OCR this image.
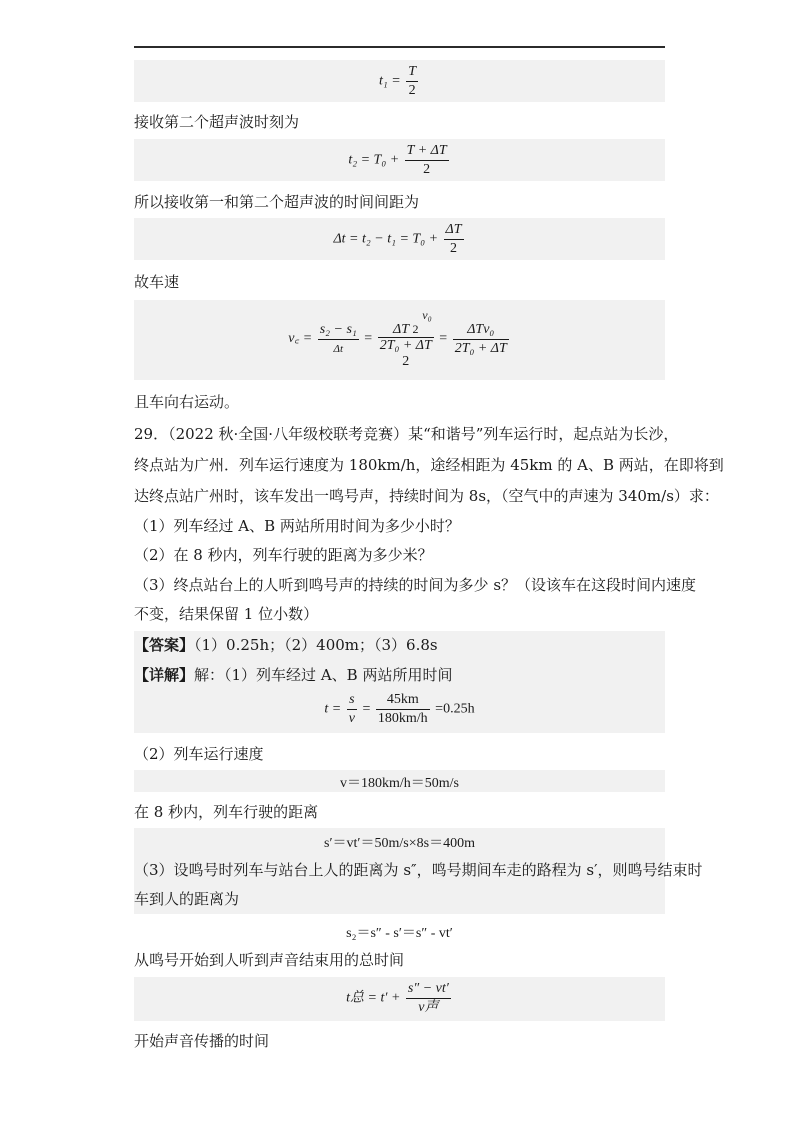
$t_1 = \frac{T}{2}$
接收第二个超声波时刻为
$t_2 = T_0 + \frac{T + \Delta T}{2}$
所以接收第一和第二个超声波的时间间距为
$\Delta t = t_2 - t_1 = T_0 + \frac{\Delta T}{2}$
故车速
v꜀ = $\frac{\text{s₂ − s₁}}{\Delta t} = v_0$
ΔT 2
2T₀ + ΔT
$2 = \frac{\text{ΔTv₀}}{\text{2T₀ + ΔT}}$
且车向右运动。
29．（2022 秋·全国·八年级校联考竞赛）某“和谐号”列车运行时，起点站为长沙，
终点站为广州．列车运行速度为 180km/h，途经相距为 45km 的 A、B 两站，在即将到
达终点站广州时，该车发出一鸣号声，持续时间为 8s，（空气中的声速为 340m/s）求：
（1）列车经过 A、B 两站所用时间为多少小时？
（2）在 8 秒内，列车行驶的距离为多少米？
（3）终点站台上的人听到鸣号声的持续的时间为多少 s？（设该车在这段时间内速度
不变，结果保留 1 位小数）
【答案】（1）0.25h；（2）400m；（3）6.8s
【详解】解：（1）列车经过 A、B 两站所用时间
$t = \frac{s}{v} = \frac{45km}{180km/h} =0.25h$
（2）列车运行速度
v＝180km/h＝50m/s
在 8 秒内，列车行驶的距离
s′＝vt′＝50m/s×8s＝400m
（3）设鸣号时列车与站台上人的距离为 s″，鸣号期间车走的路程为 s′，则鸣号结束时
车到人的距离为
s₂＝s″ - s′＝s″ - vt′
从鸣号开始到人听到声音结束用的总时间
t总 = $t' + \frac{s'' - vt'}{\text{v声}}$
开始声音传播的时间
